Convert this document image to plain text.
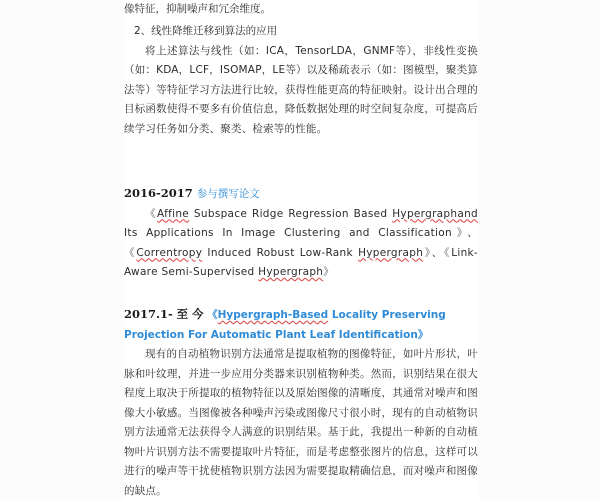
像特征，抑制噪声和冗余维度。

2、线性降维迁移到算法的应用

将上述算法与线性（如：ICA，TensorLDA，GNMF等），非线性变换（如：KDA，LCF，ISOMAP，LE等）以及稀疏表示（如：图模型，聚类算法等）等特征学习方法进行比较，获得性能更高的特征映射。设计出合理的目标函数使得不要多有价值信息，降低数据处理的时空间复杂度，可提高后续学习任务如分类、聚类、检索等的性能。

2016-2017 参与撰写论文

《Affine Subspace Ridge Regression Based Hypergraphand Its Applications In Image Clustering and Classification》、《Correntropy Induced Robust Low-Rank Hypergraph》、《Link-Aware Semi-Supervised Hypergraph》

2017.1- 至 今 《Hypergraph-Based Locality Preserving Projection For Automatic Plant Leaf Identification》

现有的自动植物识别方法通常是提取植物的图像特征，如叶片形状，叶脉和叶纹理，并进一步应用分类器来识别植物种类。然而，识别结果在很大程度上取决于所提取的植物特征以及原始图像的清晰度，其通常对噪声和图像大小敏感。当图像被各种噪声污染或图像尺寸很小时，现有的自动植物识别方法通常无法获得令人满意的识别结果。基于此，我提出一种新的自动植物叶片识别方法不需要提取叶片特征，而是考虑整张图片的信息，这样可以进行的噪声等干扰使植物识别方法因为需要提取精确信息，而对噪声和图像的缺点。
